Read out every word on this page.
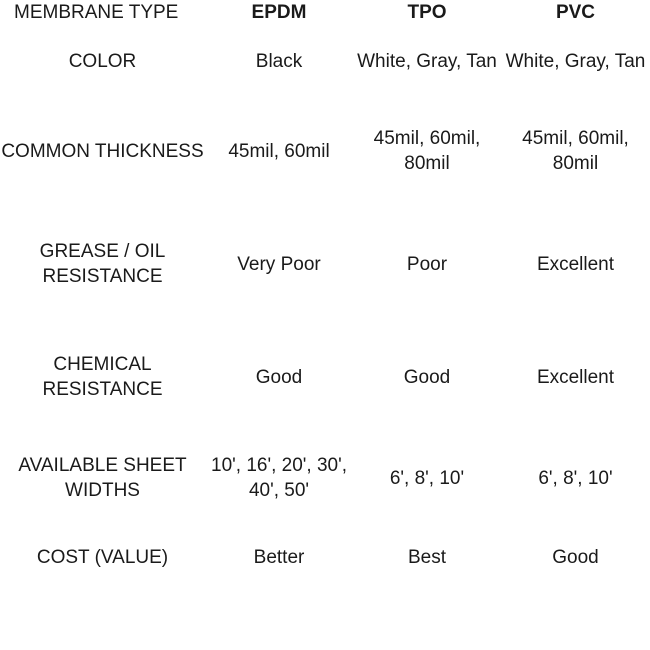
MEMBRANE TYPE	EPDM	TPO	PVC
COLOR	Black	White, Gray, Tan	White, Gray, Tan
COMMON THICKNESS	45mil, 60mil	45mil, 60mil, 80mil	45mil, 60mil, 80mil
GREASE / OIL RESISTANCE	Very Poor	Poor	Excellent
CHEMICAL RESISTANCE	Good	Good	Excellent
AVAILABLE SHEET WIDTHS	10', 16', 20', 30', 40', 50'	6', 8', 10'	6', 8', 10'
COST (VALUE)	Better	Best	Good
